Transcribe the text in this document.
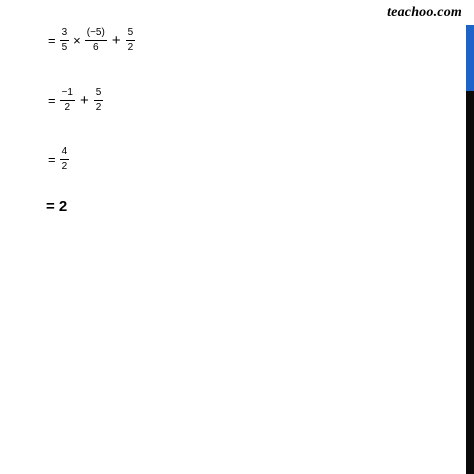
teachoo.com
= $\frac{3}{5} \times \frac{(-5)}{6} + \frac{5}{2}$
= $\frac{-1}{2} + \frac{5}{2}$
= $\frac{4}{2}$
= 2
